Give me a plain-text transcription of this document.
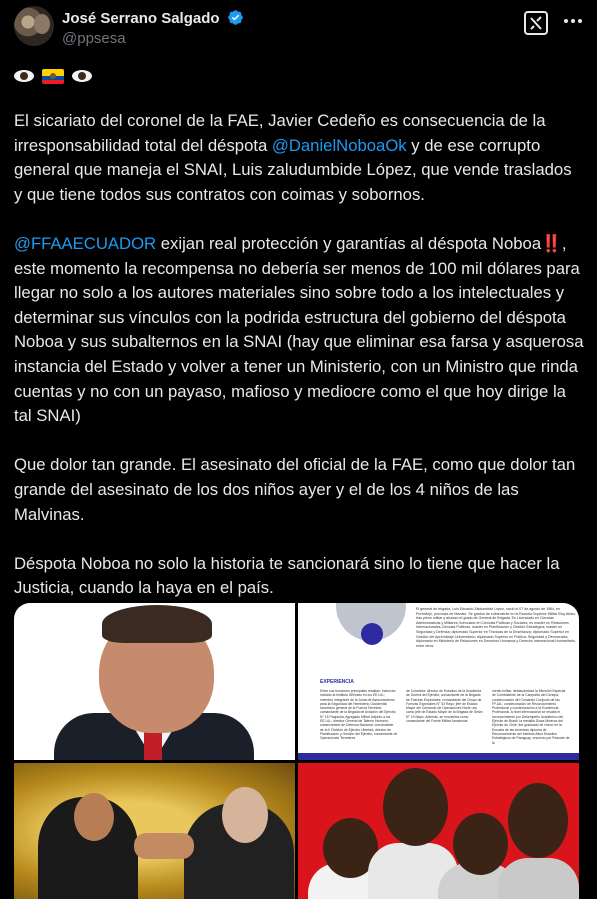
José Serrano Salgado
@ppsesa

El sicariato del coronel de la FAE, Javier Cedeño es consecuencia de la irresponsabilidad total del déspota @DanielNoboaOk y de ese corrupto general que maneja el SNAI, Luis zaludumbide López, que vende traslados y que tiene todos sus contratos con coimas y sobornos.

@FFAAECUADOR exijan real protección y garantías al déspota Noboa‼️, este momento la recompensa no debería ser menos de 100 mil dólares para llegar no solo a los autores materiales sino sobre todo a los intelectuales y determinar sus vínculos con la podrida estructura del gobierno del déspota Noboa y sus subalternos en la SNAI (hay que eliminar esa farsa y asquerosa instancia del Estado y volver a tener un Ministerio, con un Ministro que rinda cuentas y no con un payaso, mafioso y mediocre como el que hoy dirige la tal SNAI)

Que dolor tan grande. El asesinato del oficial de la FAE, como que dolor tan grande del asesinato de los dos niños ayer y el de los 4 niños de las Malvinas.

Déspota Noboa no solo la historia te sancionará sino lo tiene que hacer la Justicia, cuando la haya en el país.

El general de brigada, Luis Eduardo Zaldumbide López, nació el 07 de agosto de 1964, en Portoviejo, provincia de Manabí. Se graduó de subteniente en la Escuela Superior Militar Eloy Alfaro tras pleno militar y alcanzó el grado de General de Brigada. Es Licenciado en Ciencias Administrativas y Militares; licenciado en Ciencias Políticas y Sociales; es master en Relaciones Internacionales-Ciencias Políticas; master en Planificación y Gestión Estratégica; master en Seguridad y Defensa; diplomado Superior en Técnicas de la Enseñanza; diplomado Superior en Gestión del Aprendizaje Universitario; diplomado Superior en Política, Seguridad y Democracia; diplomado en Ministerio de Relaciones en Derechos Humanos y Derecho Internacional Humanitario, entre otros.
EXPERIENCIA
Entre sus funciones principales resaltan: instructor invitado al Instituto Whinsec en los EE.UU.; miembro integrante de la Junta de Asesoramiento para la Seguridad del Hemisferio Occidental; secretario general de la Fuerza Terrestre; comandante de la Brigada de Aviación del Ejército N° 15 Paquisha; Agregado Militar Adjunto a los EE.UU.; director General de Talento Humano; subsecretario de Defensa Nacional; comandante de la II División de Ejército Libertad; director de Planificación y Gestión del Ejército; comandante de Operaciones Terrestres
de Colombia; director de Estudios de la Academia de Guerra del Ejército; comandante de la Brigada de Fuerzas Especiales; comandante del Grupo de Fuerzas Especiales N° 53 Rayo; jefe de Estado Mayor del Comando de Operaciones Norte; así como jefe de Estado Mayor de la Brigada de Selva N° 19 Napo. Además, se encuentra como comandante del Fuerte Militar Amazonas
mérito militar, destacándose la Mención Especial de Combatiente de la Campaña del Cenepa; condecoración del Comando Conjunto de las FF.AA.; condecoración de Reconocimiento Profesional y condecoración a la Excelencia Profesional. A nivel internacional se resalta el reconocimiento por Desempeño Académico del Ejército de Brasil; la medalla Diosa Minerva del Ejército de Chile; fue graduado de Honor en la Escuela de las Américas diploma de Reconocimiento del Instituto Altos Estudios Estratégicos de Paraguay; encomio por Rescate de la
